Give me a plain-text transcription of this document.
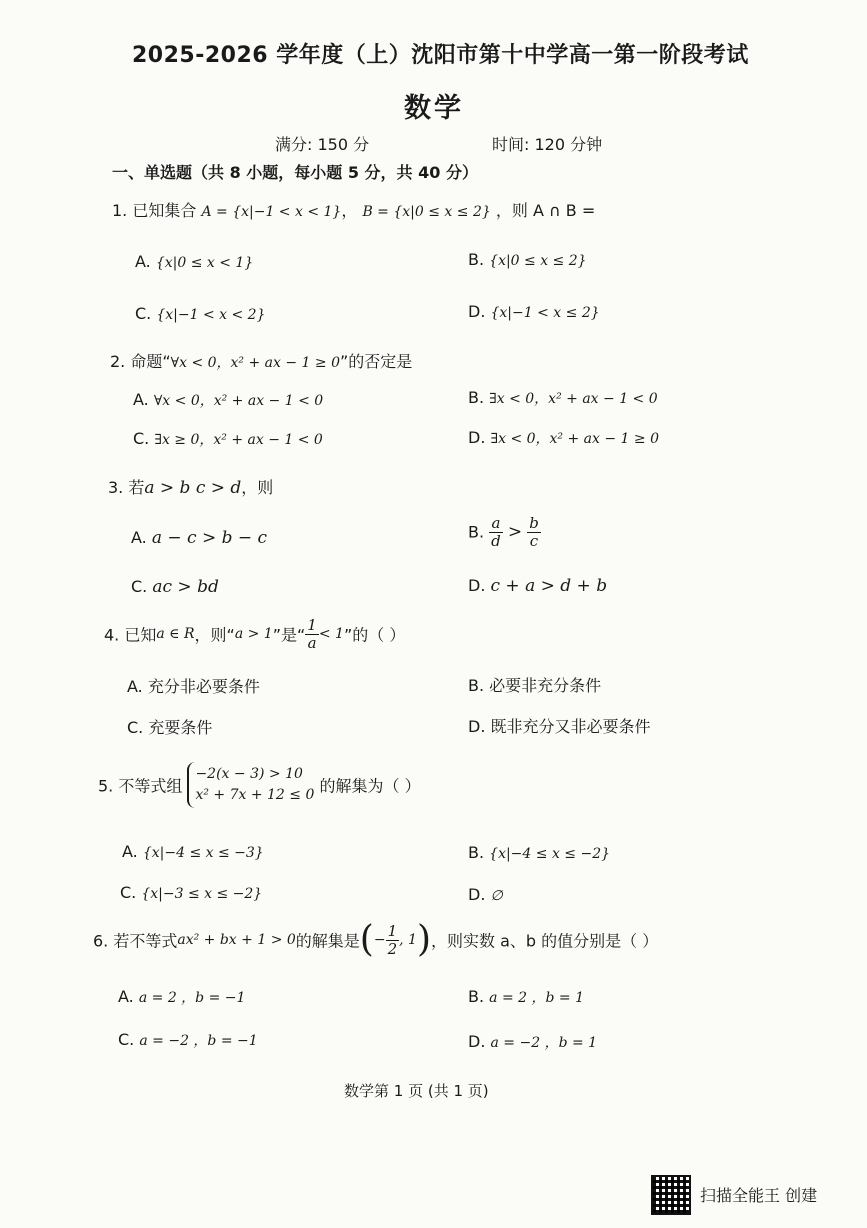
2025-2026 学年度（上）沈阳市第十中学高一第一阶段考试
数学
满分: 150 分	时间: 120 分钟
一、单选题（共 8 小题，每小题 5 分，共 40 分）
1. 已知集合 A = {x|−1 < x < 1}， B = {x|0 ≤ x ≤ 2} ，则 A ∩ B =
A. {x|0 ≤ x < 1}	B. {x|0 ≤ x ≤ 2}
C. {x|−1 < x < 2}	D. {x|−1 < x ≤ 2}
2. 命题“∀x < 0，x² + ax − 1 ≥ 0”的否定是
A. ∀x < 0，x² + ax − 1 < 0	B. ∃x < 0，x² + ax − 1 < 0
C. ∃x ≥ 0，x² + ax − 1 < 0	D. ∃x < 0，x² + ax − 1 ≥ 0
3. 若a > b c > d，则
A. a − c > b − c	B. $\frac{a}{d} > \frac{b}{c}$
C. ac > bd	D. c + a > d + b
4. 已知a ∈ R，则“a > 1”是“ $\frac{1}{a} < 1$”的（ ）
A. 充分非必要条件	B. 必要非充分条件
C. 充要条件	D. 既非充分又非必要条件
5. 不等式组
−2(x − 3) > 10
x² + 7x + 12 ≤ 0 的解集为（ ）
A. {x|−4 ≤ x ≤ −3}	B. {x|−4 ≤ x ≤ −2}
C. {x|−3 ≤ x ≤ −2}	D. ∅
6. 若不等式ax² + bx + 1 > 0的解集是(− $\frac{1}{2}$ , 1)，则实数 a、b 的值分别是（ ）
A. a = 2 ，b = −1	B. a = 2 ，b = 1
C. a = −2 ，b = −1	D. a = −2 ，b = 1
数学第 1 页 (共 1 页)
扫描全能王 创建
